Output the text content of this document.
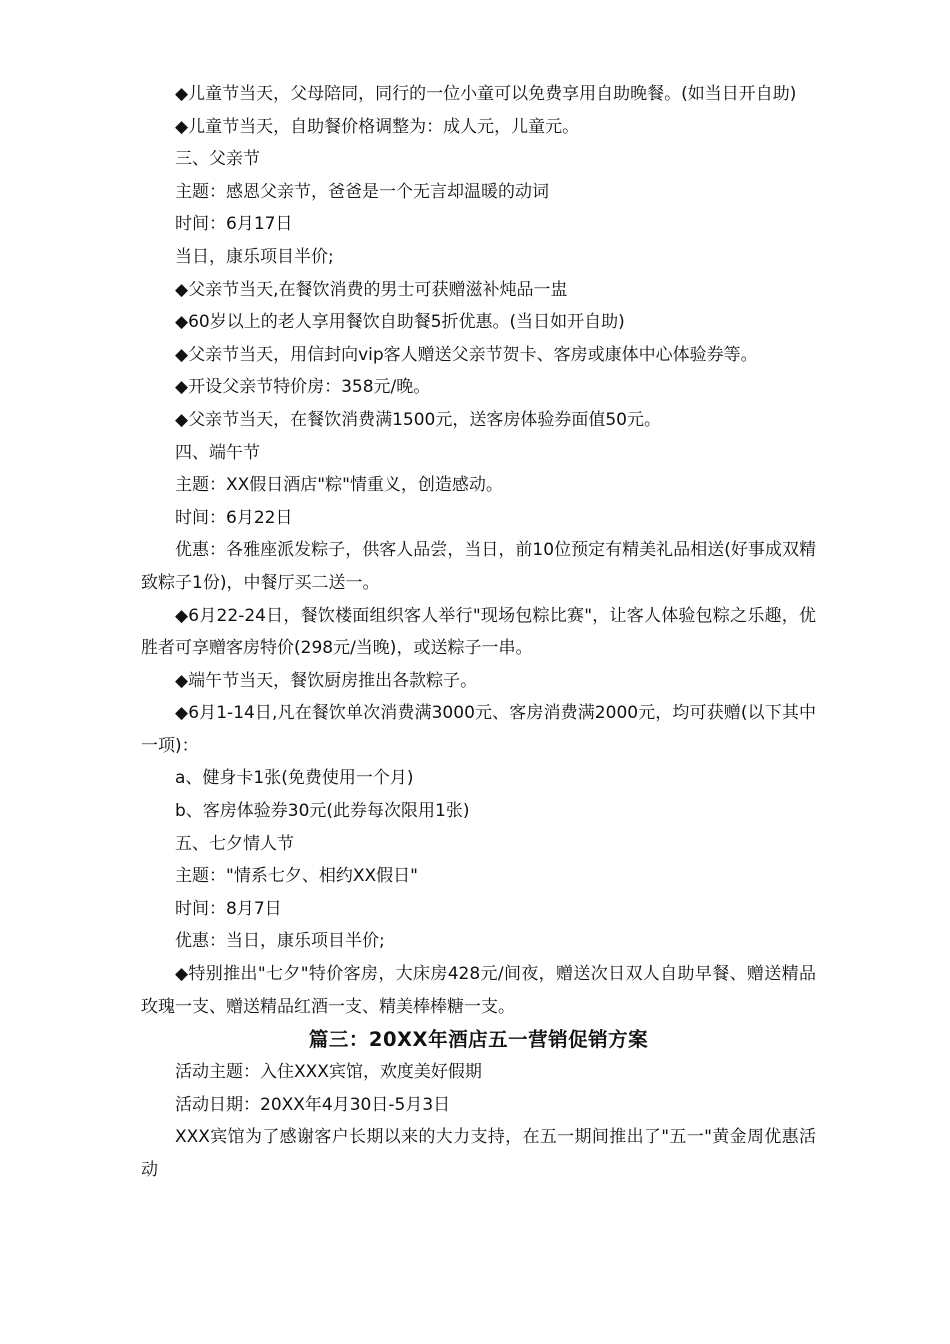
◆儿童节当天，父母陪同，同行的一位小童可以免费享用自助晚餐。(如当日开自助)

◆儿童节当天，自助餐价格调整为：成人元，儿童元。

三、父亲节

主题：感恩父亲节，爸爸是一个无言却温暖的动词

时间：6月17日

当日，康乐项目半价;

◆父亲节当天,在餐饮消费的男士可获赠滋补炖品一盅

◆60岁以上的老人享用餐饮自助餐5折优惠。(当日如开自助)

◆父亲节当天，用信封向vip客人赠送父亲节贺卡、客房或康体中心体验券等。

◆开设父亲节特价房：358元/晚。

◆父亲节当天，在餐饮消费满1500元，送客房体验券面值50元。

四、端午节

主题：XX假日酒店"粽"情重义，创造感动。

时间：6月22日

优惠：各雅座派发粽子，供客人品尝，当日，前10位预定有精美礼品相送(好事成双精致粽子1份)，中餐厅买二送一。

◆6月22-24日，餐饮楼面组织客人举行"现场包粽比赛"，让客人体验包粽之乐趣，优胜者可享赠客房特价(298元/当晚)，或送粽子一串。

◆端午节当天，餐饮厨房推出各款粽子。

◆6月1-14日,凡在餐饮单次消费满3000元、客房消费满2000元，均可获赠(以下其中一项)：

a、健身卡1张(免费使用一个月)

b、客房体验券30元(此券每次限用1张)

五、七夕情人节

主题："情系七夕、相约XX假日"

时间：8月7日

优惠：当日，康乐项目半价;

◆特别推出"七夕"特价客房，大床房428元/间夜，赠送次日双人自助早餐、赠送精品玫瑰一支、赠送精品红酒一支、精美棒棒糖一支。

篇三：20XX年酒店五一营销促销方案

活动主题：入住XXX宾馆，欢度美好假期

活动日期：20XX年4月30日-5月3日

XXX宾馆为了感谢客户长期以来的大力支持，在五一期间推出了"五一"黄金周优惠活动
